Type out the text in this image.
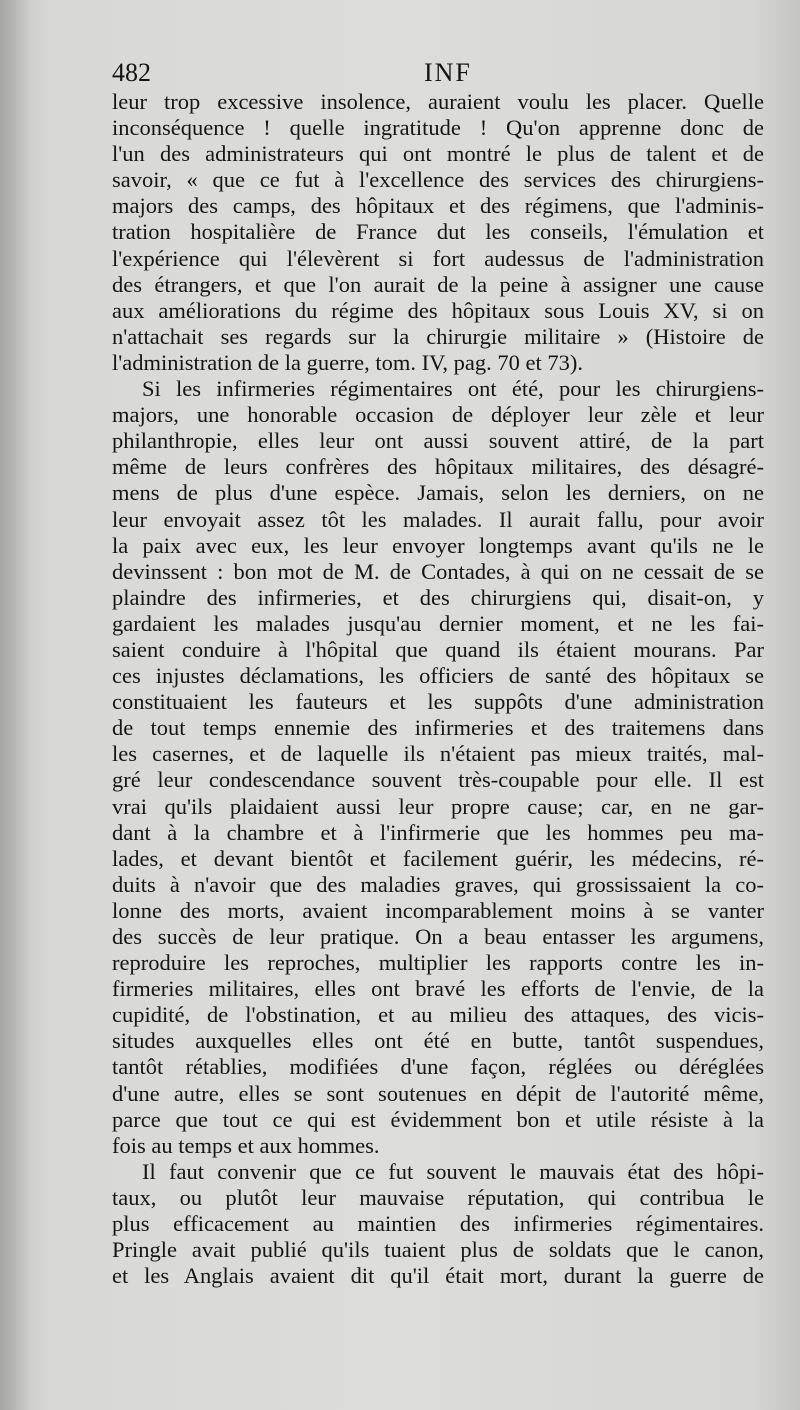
482	INF
leur trop excessive insolence, auraient voulu les placer. Quelle
inconséquence ! quelle ingratitude ! Qu'on apprenne donc de
l'un des administrateurs qui ont montré le plus de talent et de
savoir, « que ce fut à l'excellence des services des chirurgiens-
majors des camps, des hôpitaux et des régimens, que l'adminis-
tration hospitalière de France dut les conseils, l'émulation et
l'expérience qui l'élevèrent si fort audessus de l'administration
des étrangers, et que l'on aurait de la peine à assigner une cause
aux améliorations du régime des hôpitaux sous Louis XV, si on
n'attachait ses regards sur la chirurgie militaire » (Histoire de
l'administration de la guerre, tom. IV, pag. 70 et 73).
Si les infirmeries régimentaires ont été, pour les chirurgiens-
majors, une honorable occasion de déployer leur zèle et leur
philanthropie, elles leur ont aussi souvent attiré, de la part
même de leurs confrères des hôpitaux militaires, des désagré-
mens de plus d'une espèce. Jamais, selon les derniers, on ne
leur envoyait assez tôt les malades. Il aurait fallu, pour avoir
la paix avec eux, les leur envoyer longtemps avant qu'ils ne le
devinssent : bon mot de M. de Contades, à qui on ne cessait de se
plaindre des infirmeries, et des chirurgiens qui, disait-on, y
gardaient les malades jusqu'au dernier moment, et ne les fai-
saient conduire à l'hôpital que quand ils étaient mourans. Par
ces injustes déclamations, les officiers de santé des hôpitaux se
constituaient les fauteurs et les suppôts d'une administration
de tout temps ennemie des infirmeries et des traitemens dans
les casernes, et de laquelle ils n'étaient pas mieux traités, mal-
gré leur condescendance souvent très-coupable pour elle. Il est
vrai qu'ils plaidaient aussi leur propre cause; car, en ne gar-
dant à la chambre et à l'infirmerie que les hommes peu ma-
lades, et devant bientôt et facilement guérir, les médecins, ré-
duits à n'avoir que des maladies graves, qui grossissaient la co-
lonne des morts, avaient incomparablement moins à se vanter
des succès de leur pratique. On a beau entasser les argumens,
reproduire les reproches, multiplier les rapports contre les in-
firmeries militaires, elles ont bravé les efforts de l'envie, de la
cupidité, de l'obstination, et au milieu des attaques, des vicis-
situdes auxquelles elles ont été en butte, tantôt suspendues,
tantôt rétablies, modifiées d'une façon, réglées ou déréglées
d'une autre, elles se sont soutenues en dépit de l'autorité même,
parce que tout ce qui est évidemment bon et utile résiste à la
fois au temps et aux hommes.
Il faut convenir que ce fut souvent le mauvais état des hôpi-
taux, ou plutôt leur mauvaise réputation, qui contribua le
plus efficacement au maintien des infirmeries régimentaires.
Pringle avait publié qu'ils tuaient plus de soldats que le canon,
et les Anglais avaient dit qu'il était mort, durant la guerre de
